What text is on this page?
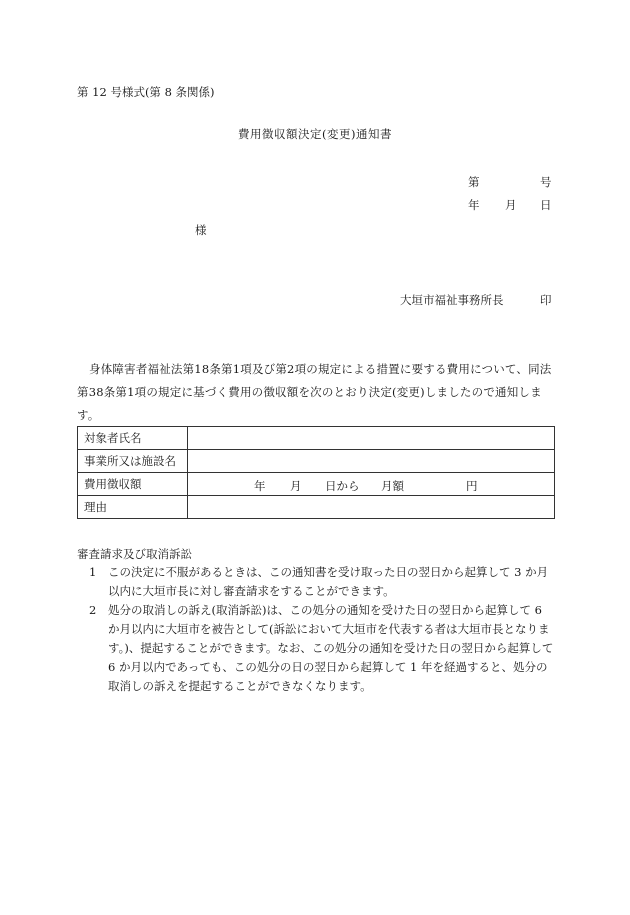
第 12 号様式(第 8 条関係)
費用徴収額決定(変更)通知書
第	号
年 月 日
様
大垣市福祉事務所長	印
身体障害者福祉法第18条第1項及び第2項の規定による措置に要する費用について、同法第38条第1項の規定に基づく費用の徴収額を次のとおり決定(変更)しましたので通知します。
対象者氏名	
事業所又は施設名	
費用徴収額	年 月 日から 月額 円

理由	
審査請求及び取消訴訟
1 この決定に不服があるときは、この通知書を受け取った日の翌日から起算して 3 か月以内に大垣市長に対し審査請求をすることができます。
2 処分の取消しの訴え(取消訴訟)は、この処分の通知を受けた日の翌日から起算して 6 か月以内に大垣市を被告として(訴訟において大垣市を代表する者は大垣市長となります。)、提起することができます。なお、この処分の通知を受けた日の翌日から起算して 6 か月以内であっても、この処分の日の翌日から起算して 1 年を経過すると、処分の取消しの訴えを提起することができなくなります。
